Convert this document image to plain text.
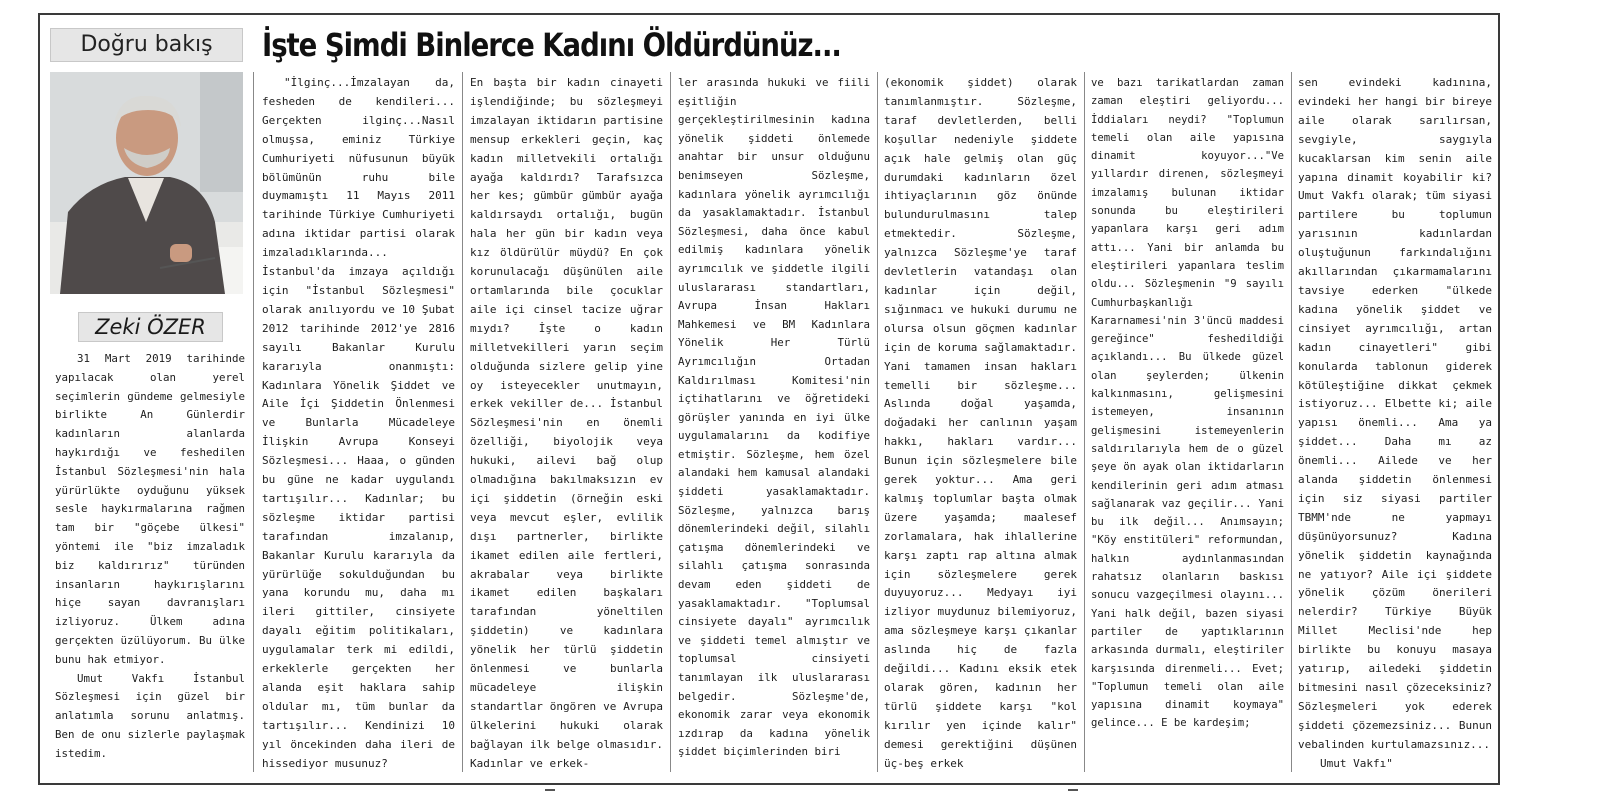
Doğru bakış	İşte Şimdi Binlerce Kadını Öldürdünüz...
Zeki ÖZER

31 Mart 2019 tarihinde yapılacak olan yerel seçimlerin gündeme gelmesiyle birlikte An Günlerdir kadınların alanlarda haykırdığı ve feshedilen İstanbul Sözleşmesi'nin hala yürürlükte oyduğunu yüksek sesle haykırmalarına rağmen tam bir "göçebe ülkesi" yöntemi ile "biz imzaladık biz kaldırırız" türünden insanların haykırışlarını hiçe sayan davranışları izliyoruz. Ülkem adına gerçekten üzülüyorum. Bu ülke bunu hak etmiyor.

Umut Vakfı İstanbul Sözleşmesi için güzel bir anlatımla sorunu anlatmış. Ben de onu sizlerle paylaşmak istedim.

"İlginç...İmzalayan da, fesheden de kendileri... Gerçekten ilginç...Nasıl olmuşsa, eminiz Türkiye Cumhuriyeti nüfusunun büyük bölümünün ruhu bile duymamıştı 11 Mayıs 2011 tarihinde Türkiye Cumhuriyeti adına iktidar partisi olarak imzaladıklarında... İstanbul'da imzaya açıldığı için "İstanbul Sözleşmesi" olarak anılıyordu ve 10 Şubat 2012 tarihinde 2012'ye 2816 sayılı Bakanlar Kurulu kararıyla onanmıştı: Kadınlara Yönelik Şiddet ve Aile İçi Şiddetin Önlenmesi ve Bunlarla Mücadeleye İlişkin Avrupa Konseyi Sözleşmesi... Haaa, o günden bu güne ne kadar uygulandı tartışılır... Kadınlar; bu sözleşme iktidar partisi tarafından imzalanıp, Bakanlar Kurulu kararıyla da yürürlüğe sokulduğundan bu yana korundu mu, daha mı ileri gittiler, cinsiyete dayalı eğitim politikaları, uygulamalar terk mi edildi, erkeklerle gerçekten her alanda eşit haklara sahip oldular mı, tüm bunlar da tartışılır... Kendinizi 10 yıl öncekinden daha ileri de hissediyor musunuz?

En başta bir kadın cinayeti işlendiğinde; bu sözleşmeyi imzalayan iktidarın partisine mensup erkekleri geçin, kaç kadın milletvekili ortalığı ayağa kaldırdı? Tarafsızca her kes; gümbür gümbür ayağa kaldırsaydı ortalığı, bugün hala her gün bir kadın veya kız öldürülür müydü? En çok korunulacağı düşünülen aile ortamlarında bile çocuklar aile içi cinsel tacize uğrar mıydı? İşte o kadın milletvekilleri yarın seçim olduğunda sizlere gelip yine oy isteyecekler unutmayın, erkek vekiller de... İstanbul Sözleşmesi'nin en önemli özelliği, biyolojik veya hukuki, ailevi bağ olup olmadığına bakılmaksızın ev içi şiddetin (örneğin eski veya mevcut eşler, evlilik dışı partnerler, birlikte ikamet edilen aile fertleri, akrabalar veya birlikte ikamet edilen başkaları tarafından yöneltilen şiddetin) ve kadınlara yönelik her türlü şiddetin önlenmesi ve bunlarla mücadeleye ilişkin standartlar öngören ve Avrupa ülkelerini hukuki olarak bağlayan ilk belge olmasıdır. Kadınlar ve erkek-

ler arasında hukuki ve fiili eşitliğin gerçekleştirilmesinin kadına yönelik şiddeti önlemede anahtar bir unsur olduğunu benimseyen Sözleşme, kadınlara yönelik ayrımcılığı da yasaklamaktadır. İstanbul Sözleşmesi, daha önce kabul edilmiş kadınlara yönelik ayrımcılık ve şiddetle ilgili uluslararası standartları, Avrupa İnsan Hakları Mahkemesi ve BM Kadınlara Yönelik Her Türlü Ayrımcılığın Ortadan Kaldırılması Komitesi'nin içtihatlarını ve öğretideki görüşler yanında en iyi ülke uygulamalarını da kodifiye etmiştir. Sözleşme, hem özel alandaki hem kamusal alandaki şiddeti yasaklamaktadır. Sözleşme, yalnızca barış dönemlerindeki değil, silahlı çatışma dönemlerindeki ve silahlı çatışma sonrasında devam eden şiddeti de yasaklamaktadır. "Toplumsal cinsiyete dayalı" ayrımcılık ve şiddeti temel almıştır ve toplumsal cinsiyeti tanımlayan ilk uluslararası belgedir. Sözleşme'de, ekonomik zarar veya ekonomik ızdırap da kadına yönelik şiddet biçimlerinden biri

(ekonomik şiddet) olarak tanımlanmıştır. Sözleşme, taraf devletlerden, belli koşullar nedeniyle şiddete açık hale gelmiş olan güç durumdaki kadınların özel ihtiyaçlarının göz önünde bulundurulmasını talep etmektedir. Sözleşme, yalnızca Sözleşme'ye taraf devletlerin vatandaşı olan kadınlar için değil, sığınmacı ve hukuki durumu ne olursa olsun göçmen kadınlar için de koruma sağlamaktadır. Yani tamamen insan hakları temelli bir sözleşme... Aslında doğal yaşamda, doğadaki her canlının yaşam hakkı, hakları vardır... Bunun için sözleşmelere bile gerek yoktur... Ama geri kalmış toplumlar başta olmak üzere yaşamda; maalesef zorlamalara, hak ihlallerine karşı zaptı rap altına almak için sözleşmelere gerek duyuyoruz... Medyayı iyi izliyor muydunuz bilemiyoruz, ama sözleşmeye karşı çıkanlar aslında hiç de fazla değildi... Kadını eksik etek olarak gören, kadının her türlü şiddete karşı "kol kırılır yen içinde kalır" demesi gerektiğini düşünen üç-beş erkek

ve bazı tarikatlardan zaman zaman eleştiri geliyordu... İddiaları neydi? "Toplumun temeli olan aile yapısına dinamit koyuyor..."Ve yıllardır direnen, sözleşmeyi imzalamış bulunan iktidar sonunda bu eleştirileri yapanlara karşı geri adım attı... Yani bir anlamda bu eleştirileri yapanlara teslim oldu... Sözleşmenin "9 sayılı Cumhurbaşkanlığı Kararnamesi'nin 3'üncü maddesi gereğince" feshedildiği açıklandı... Bu ülkede güzel olan şeylerden; ülkenin kalkınmasını, gelişmesini istemeyen, insanının gelişmesini istemeyenlerin saldırılarıyla hem de o güzel şeye ön ayak olan iktidarların kendilerinin geri adım atması sağlanarak vaz geçilir... Yani bu ilk değil... Anımsayın; "Köy enstitüleri" reformundan, halkın aydınlanmasından rahatsız olanların baskısı sonucu vazgeçilmesi olayını... Yani halk değil, bazen siyasi partiler de yaptıklarının arkasında durmalı, eleştiriler karşısında direnmeli... Evet; "Toplumun temeli olan aile yapısına dinamit koymaya" gelince... E be kardeşim;

sen evindeki kadınına, evindeki her hangi bir bireye aile olarak sarılırsan, sevgiyle, saygıyla kucaklarsan kim senin aile yapına dinamit koyabilir ki?Umut Vakfı olarak; tüm siyasi partilere bu toplumun yarısının kadınlardan oluştuğunun farkındalığını akıllarından çıkarmamalarını tavsiye ederken "ülkede kadına yönelik şiddet ve cinsiyet ayrımcılığı, artan kadın cinayetleri" gibi konularda tablonun giderek kötüleştiğine dikkat çekmek istiyoruz... Elbette ki; aile yapısı önemli... Ama ya şiddet... Daha mı az önemli... Ailede ve her alanda şiddetin önlenmesi için siz siyasi partiler TBMM'nde ne yapmayı düşünüyorsunuz? Kadına yönelik şiddetin kaynağında ne yatıyor? Aile içi şiddete yönelik çözüm önerileri nelerdir? Türkiye Büyük Millet Meclisi'nde hep birlikte bu konuyu masaya yatırıp, ailedeki şiddetin bitmesini nasıl çözeceksiniz? Sözleşmeleri yok ederek şiddeti çözemezsiniz... Bunun vebalinden kurtulamazsınız...

Umut Vakfı"
